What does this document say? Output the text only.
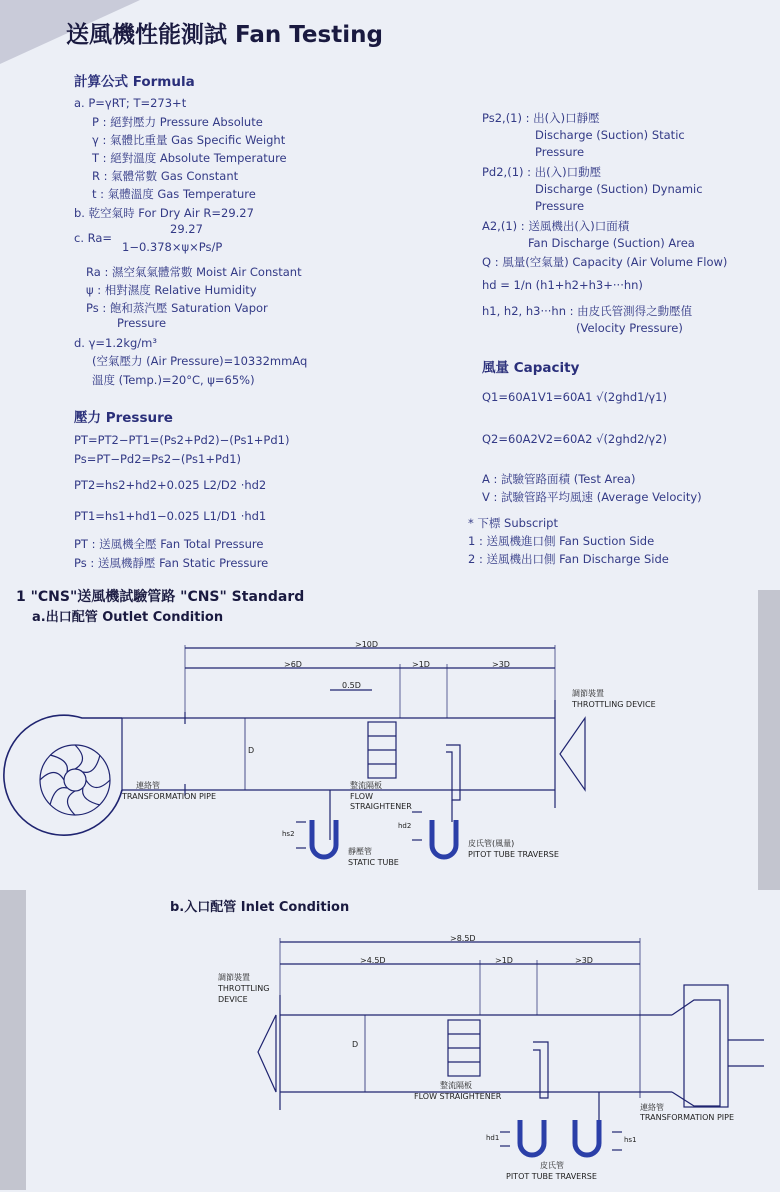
送風機性能測試 Fan Testing
計算公式 Formula
a. P=γRT; T=273+t
P : 絕對壓力 Pressure Absolute
γ : 氣體比重量 Gas Specific Weight
T : 絕對溫度 Absolute Temperature
R : 氣體常數 Gas Constant
t : 氣體溫度 Gas Temperature
b. 乾空氣時 For Dry Air R=29.27
c. Ra=
29.27
1−0.378×ψ×Ps/P
Ra : 濕空氣氣體常數 Moist Air Constant
ψ : 相對濕度 Relative Humidity
Ps : 飽和蒸汽壓 Saturation Vapor
Pressure
d. γ=1.2kg/m³
(空氣壓力 (Air Pressure)=10332mmAq
溫度 (Temp.)=20°C, ψ=65%)
壓力 Pressure
PT=PT2−PT1=(Ps2+Pd2)−(Ps1+Pd1)
Ps=PT−Pd2=Ps2−(Ps1+Pd1)
PT2=hs2+hd2+0.025 L2/D2 ·hd2
PT1=hs1+hd1−0.025 L1/D1 ·hd1
PT : 送風機全壓 Fan Total Pressure
Ps : 送風機靜壓 Fan Static Pressure
Ps2,(1) : 出(入)口靜壓
Discharge (Suction) Static
Pressure
Pd2,(1) : 出(入)口動壓
Discharge (Suction) Dynamic
Pressure
A2,(1) : 送風機出(入)口面積
Fan Discharge (Suction) Area
Q : 風量(空氣量) Capacity (Air Volume Flow)
hd = 1/n (h1+h2+h3+···hn)
h1, h2, h3···hn : 由皮氏管測得之動壓值
(Velocity Pressure)
風量 Capacity
Q1=60A1V1=60A1 √(2ghd1/γ1)
Q2=60A2V2=60A2 √(2ghd2/γ2)
A : 試驗管路面積 (Test Area)
V : 試驗管路平均風速 (Average Velocity)
* 下標 Subscript
1 : 送風機進口側 Fan Suction Side
2 : 送風機出口側 Fan Discharge Side
1 "CNS"送風機試驗管路 "CNS" Standard
a.出口配管 Outlet Condition
b.入口配管 Inlet Condition
>10D
>6D	>1D	>3D
0.5D
D
調節裝置
THROTTLING DEVICE
連絡管
TRANSFORMATION PIPE
整流隔板
FLOW
STRAIGHTENER
靜壓管
STATIC TUBE
皮氏管(風量)
PITOT TUBE TRAVERSE
hs2
hd2
>8.5D
>4.5D	>1D	>3D
D
調節裝置
THROTTLING
DEVICE
整流隔板
FLOW STRAIGHTENER
連絡管
TRANSFORMATION PIPE
皮氏管
PITOT TUBE TRAVERSE
hd1	hs1
